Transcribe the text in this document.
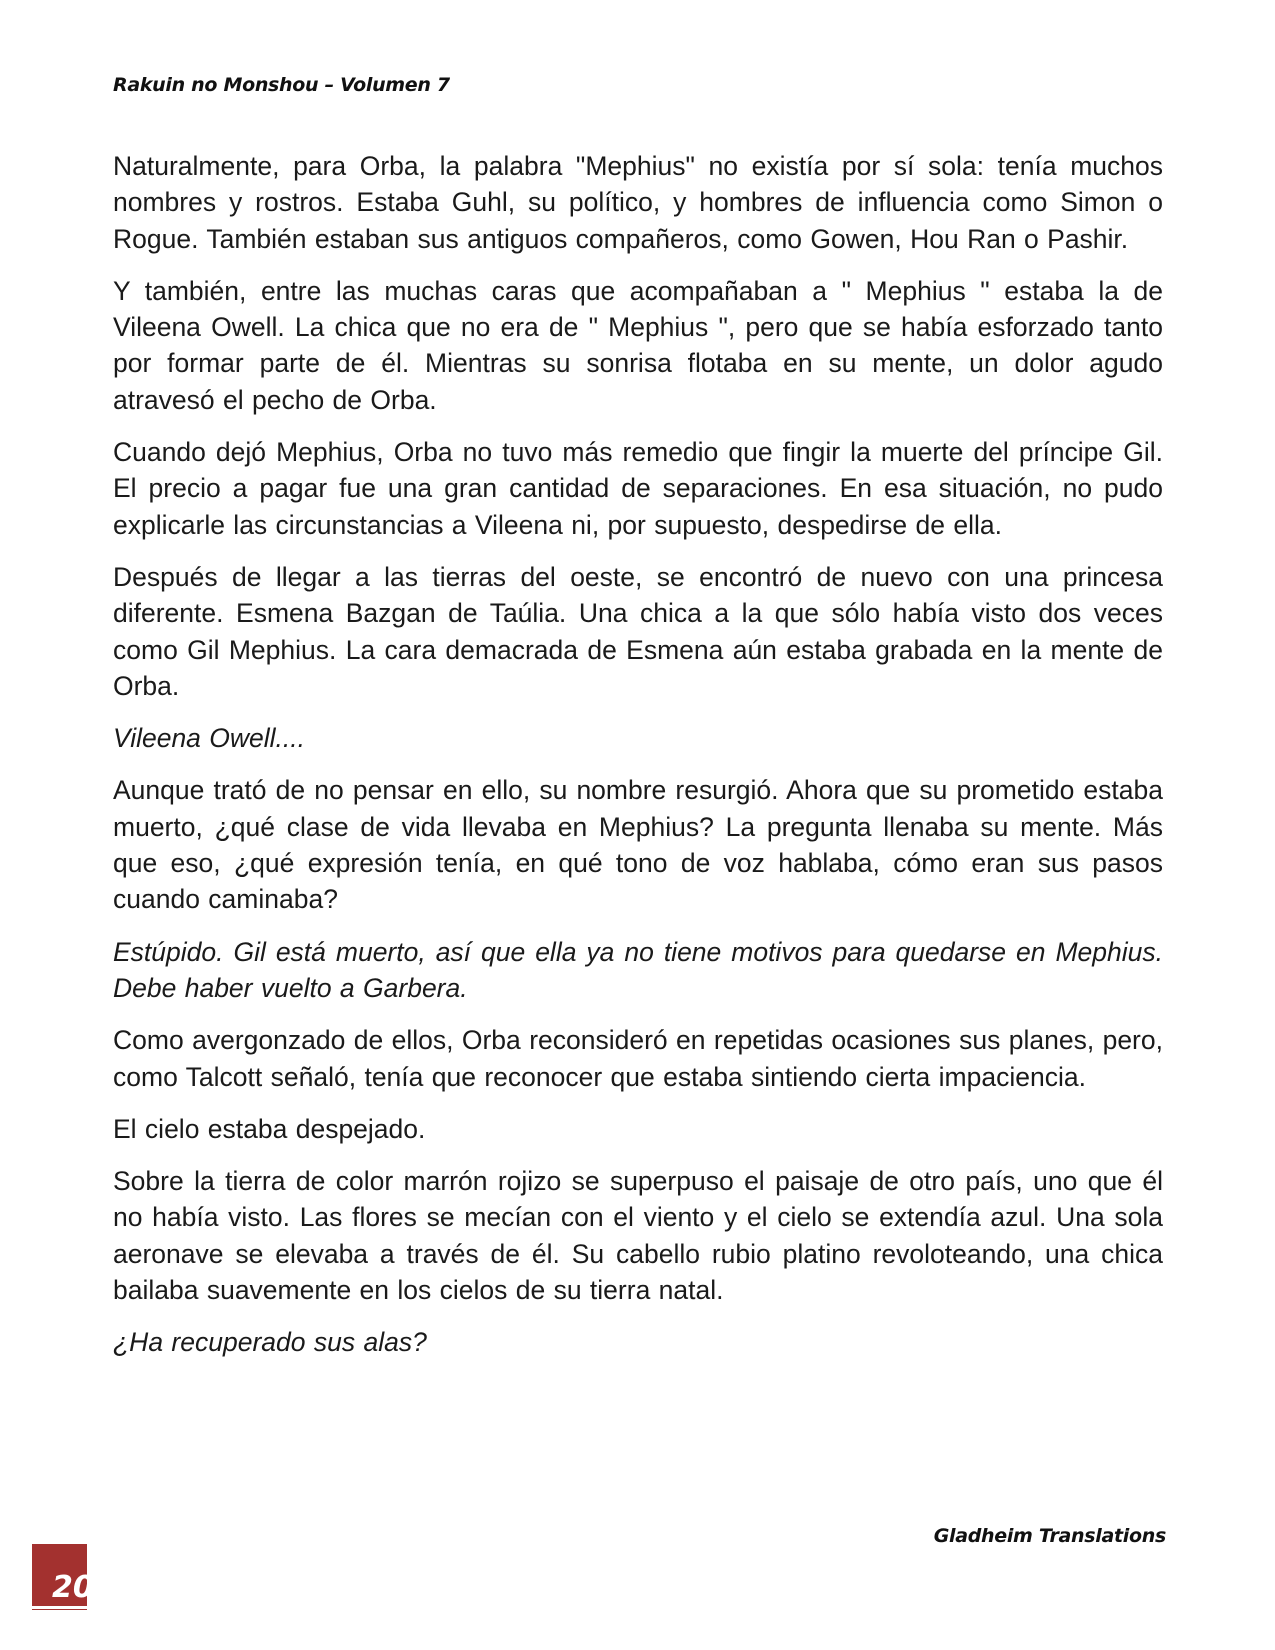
Rakuin no Monshou – Volumen 7

Naturalmente, para Orba, la palabra "Mephius" no existía por sí sola: tenía muchos nombres y rostros. Estaba Guhl, su político, y hombres de influencia como Simon o Rogue. También estaban sus antiguos compañeros, como Gowen, Hou Ran o Pashir.

Y también, entre las muchas caras que acompañaban a " Mephius " estaba la de Vileena Owell. La chica que no era de " Mephius ", pero que se había esforzado tanto por formar parte de él. Mientras su sonrisa flotaba en su mente, un dolor agudo atravesó el pecho de Orba.

Cuando dejó Mephius, Orba no tuvo más remedio que fingir la muerte del príncipe Gil. El precio a pagar fue una gran cantidad de separaciones. En esa situación, no pudo explicarle las circunstancias a Vileena ni, por supuesto, despedirse de ella.

Después de llegar a las tierras del oeste, se encontró de nuevo con una princesa diferente. Esmena Bazgan de Taúlia. Una chica a la que sólo había visto dos veces como Gil Mephius. La cara demacrada de Esmena aún estaba grabada en la mente de Orba.

Vileena Owell....

Aunque trató de no pensar en ello, su nombre resurgió. Ahora que su prometido estaba muerto, ¿qué clase de vida llevaba en Mephius? La pregunta llenaba su mente. Más que eso, ¿qué expresión tenía, en qué tono de voz hablaba, cómo eran sus pasos cuando caminaba?

Estúpido. Gil está muerto, así que ella ya no tiene motivos para quedarse en Mephius. Debe haber vuelto a Garbera.

Como avergonzado de ellos, Orba reconsideró en repetidas ocasiones sus planes, pero, como Talcott señaló, tenía que reconocer que estaba sintiendo cierta impaciencia.

El cielo estaba despejado.

Sobre la tierra de color marrón rojizo se superpuso el paisaje de otro país, uno que él no había visto. Las flores se mecían con el viento y el cielo se extendía azul. Una sola aeronave se elevaba a través de él. Su cabello rubio platino revoloteando, una chica bailaba suavemente en los cielos de su tierra natal.

¿Ha recuperado sus alas?

Gladheim Translations
20
